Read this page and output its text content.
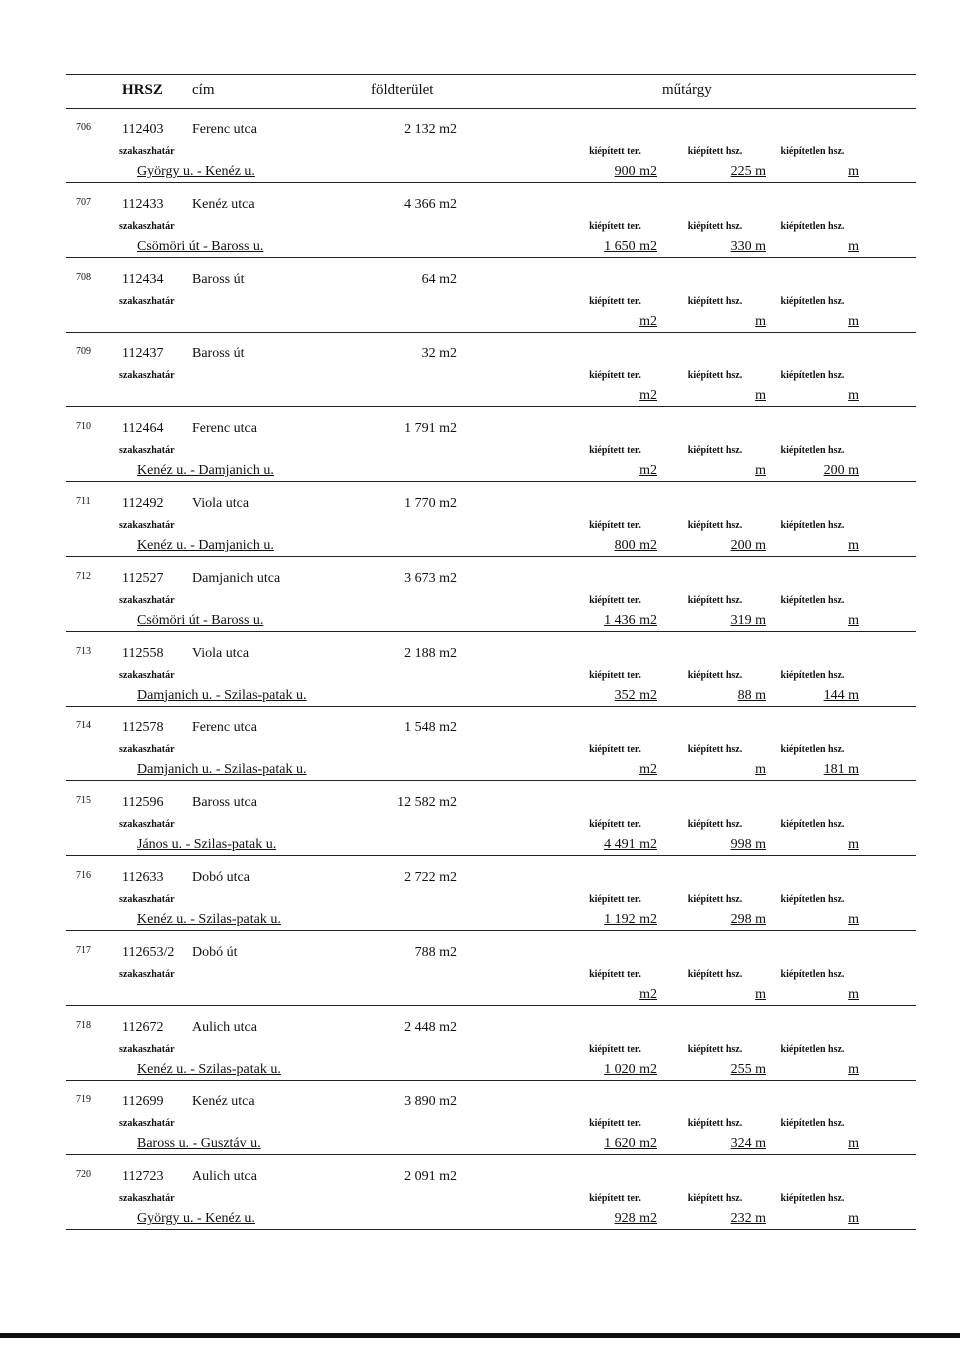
HRSZ cím	földterület	műtárgy
706 112403 Ferenc utca	2 132 m2
szakaszhatár	kiépített ter.	kiépített hsz.	kiépítetlen hsz.
György u. - Kenéz u.	900 m2	225 m	m
707 112433 Kenéz utca	4 366 m2
szakaszhatár	kiépített ter.	kiépített hsz.	kiépítetlen hsz.
Csömöri út - Baross u.	1 650 m2	330 m	m
708 112434 Baross út	64 m2
szakaszhatár	kiépített ter.	kiépített hsz.	kiépítetlen hsz.
m2	m	m
709 112437 Baross út	32 m2
szakaszhatár	kiépített ter.	kiépített hsz.	kiépítetlen hsz.
m2	m	m
710 112464 Ferenc utca	1 791 m2
szakaszhatár	kiépített ter.	kiépített hsz.	kiépítetlen hsz.
Kenéz u. - Damjanich u.	m2	m	200 m
711 112492 Viola utca	1 770 m2
szakaszhatár	kiépített ter.	kiépített hsz.	kiépítetlen hsz.
Kenéz u. - Damjanich u.	800 m2	200 m	m
712 112527 Damjanich utca	3 673 m2
szakaszhatár	kiépített ter.	kiépített hsz.	kiépítetlen hsz.
Csömöri út - Baross u.	1 436 m2	319 m	m
713 112558 Viola utca	2 188 m2
szakaszhatár	kiépített ter.	kiépített hsz.	kiépítetlen hsz.
Damjanich u. - Szilas-patak u.	352 m2	88 m	144 m
714 112578 Ferenc utca	1 548 m2
szakaszhatár	kiépített ter.	kiépített hsz.	kiépítetlen hsz.
Damjanich u. - Szilas-patak u.	m2	m	181 m
715 112596 Baross utca	12 582 m2
szakaszhatár	kiépített ter.	kiépített hsz.	kiépítetlen hsz.
János u. - Szilas-patak u.	4 491 m2	998 m	m
716 112633 Dobó utca	2 722 m2
szakaszhatár	kiépített ter.	kiépített hsz.	kiépítetlen hsz.
Kenéz u. - Szilas-patak u.	1 192 m2	298 m	m
717 112653/2 Dobó út	788 m2
szakaszhatár	kiépített ter.	kiépített hsz.	kiépítetlen hsz.
m2	m	m
718 112672 Aulich utca	2 448 m2
szakaszhatár	kiépített ter.	kiépített hsz.	kiépítetlen hsz.
Kenéz u. - Szilas-patak u.	1 020 m2	255 m	m
719 112699 Kenéz utca	3 890 m2
szakaszhatár	kiépített ter.	kiépített hsz.	kiépítetlen hsz.
Baross u. - Gusztáv u.	1 620 m2	324 m	m
720 112723 Aulich utca	2 091 m2
szakaszhatár	kiépített ter.	kiépített hsz.	kiépítetlen hsz.
György u. - Kenéz u.	928 m2	232 m	m
